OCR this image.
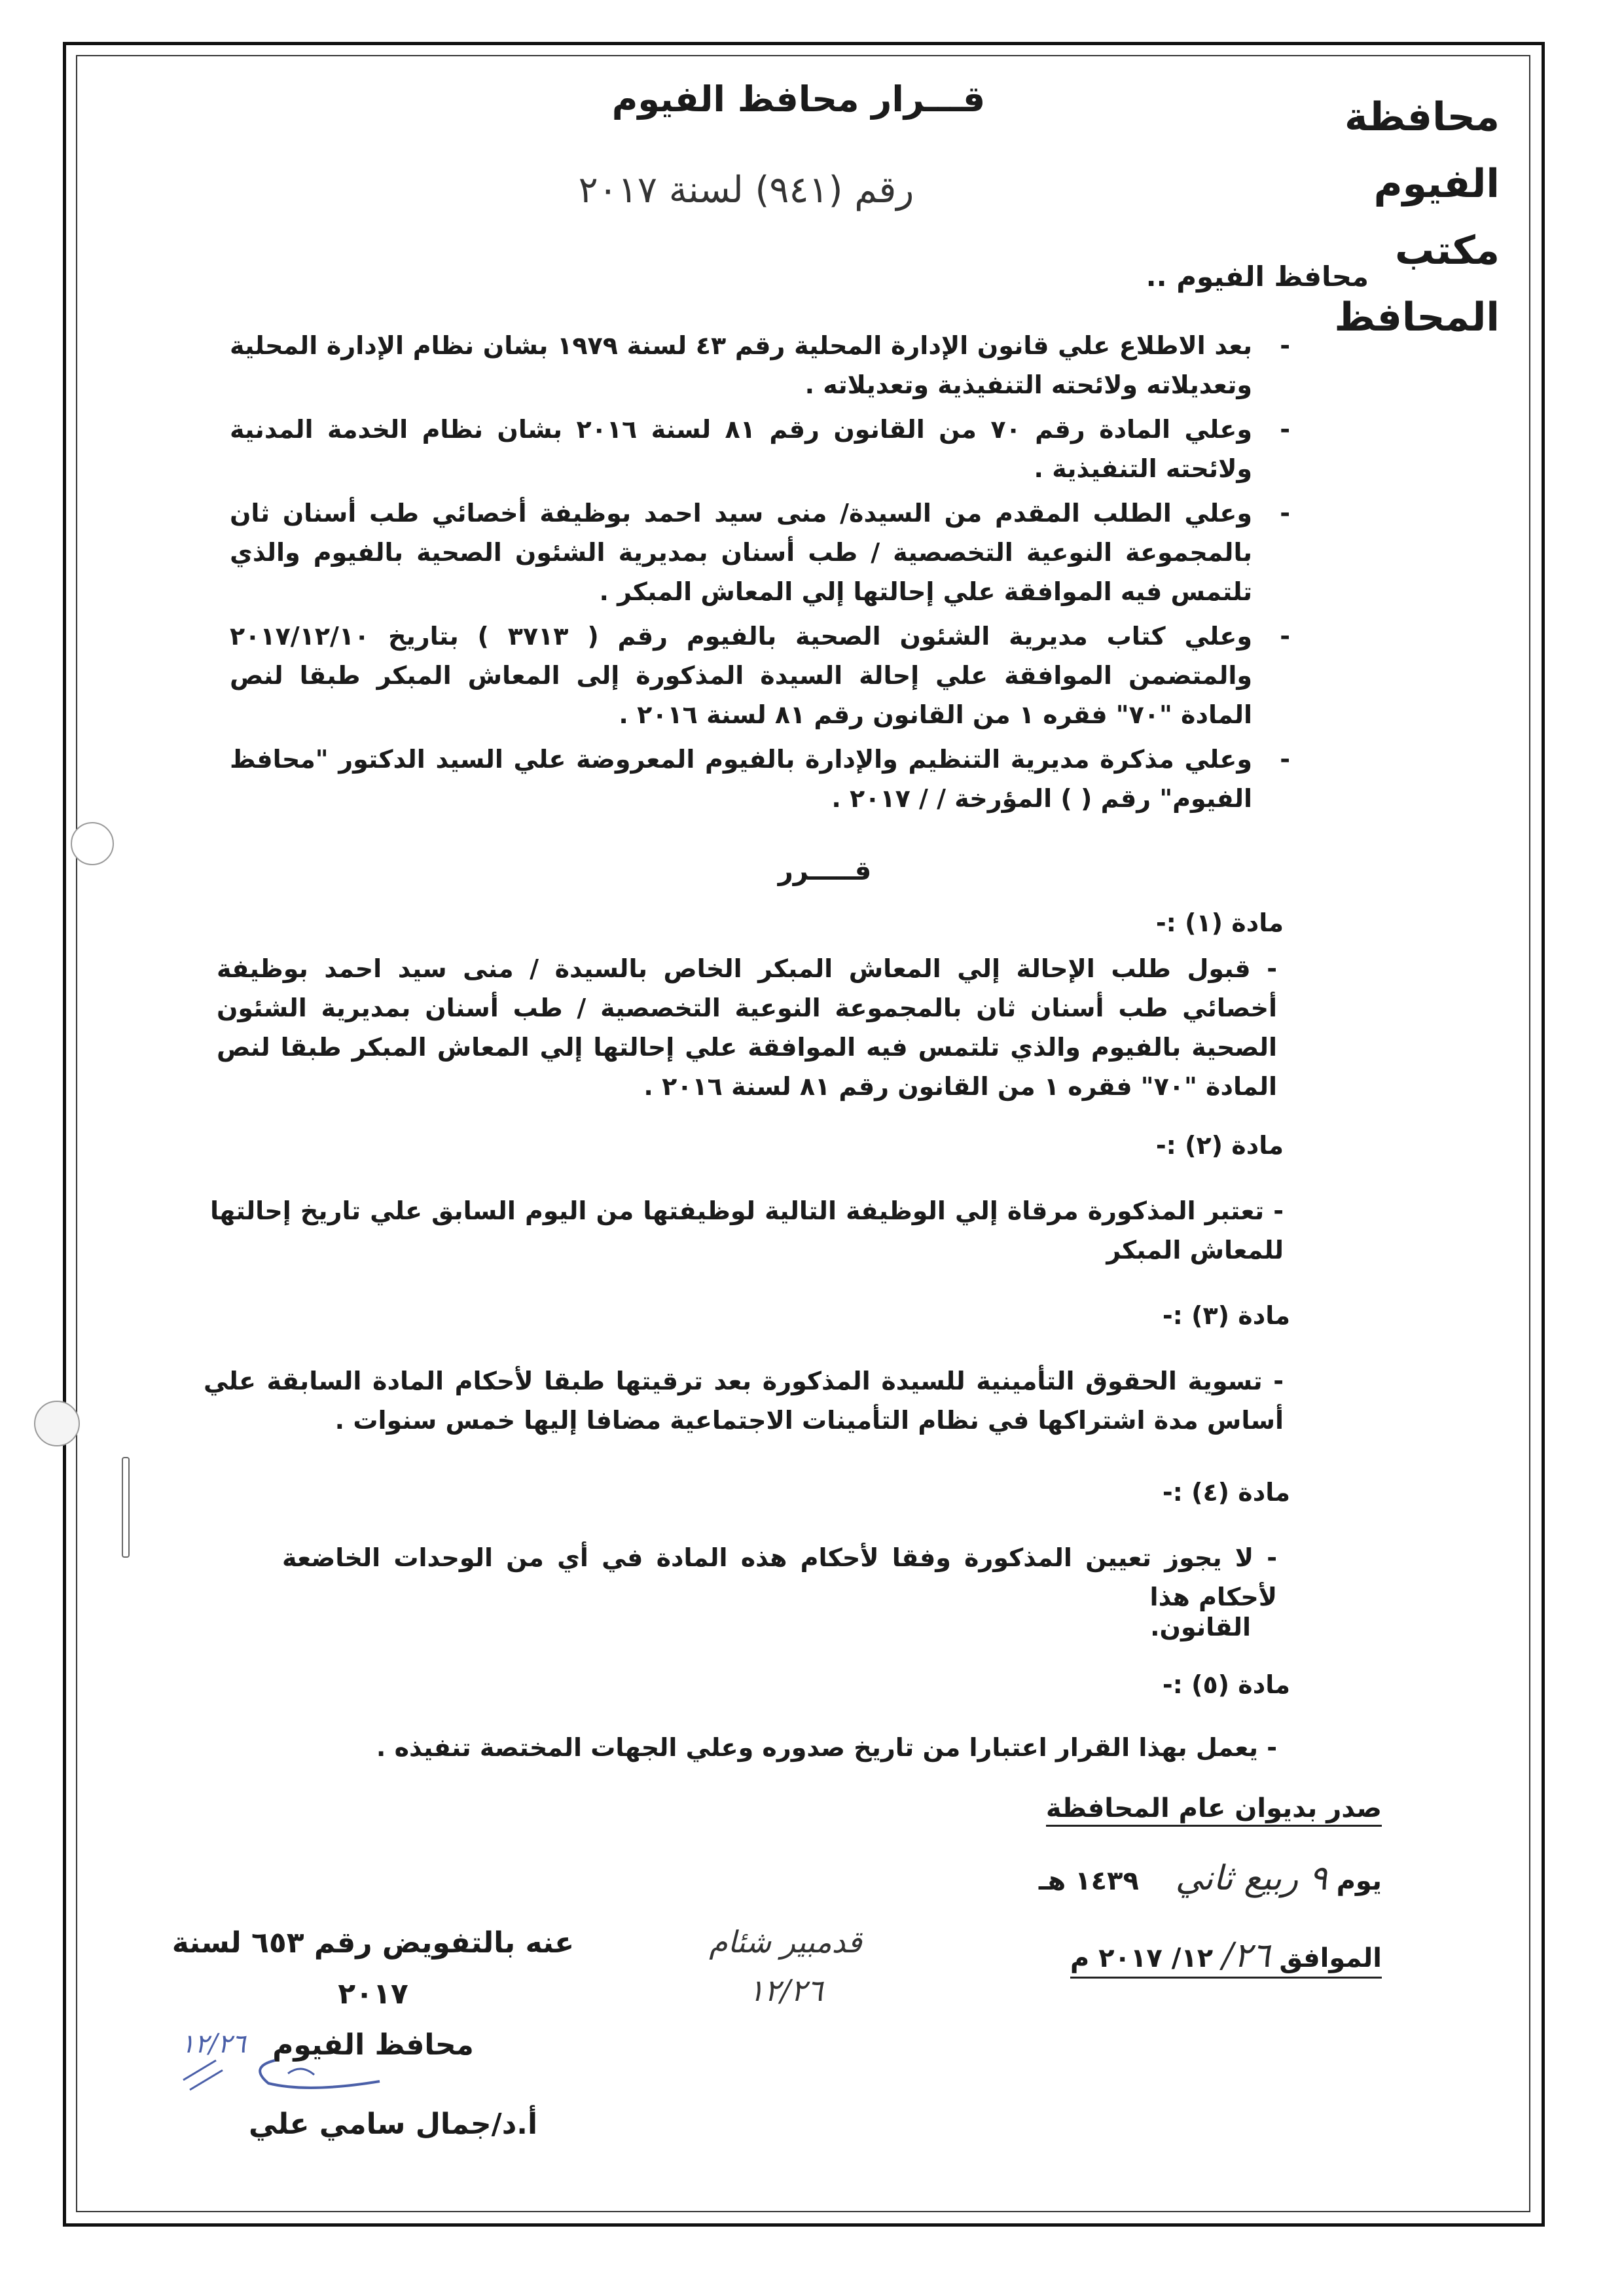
محافظة الفيوم
مكتب المحافظ
قـــرار محافظ الفيوم
رقم (٩٤١) لسنة ٢٠١٧
محافظ الفيوم ..
- بعد الاطلاع علي قانون الإدارة المحلية رقم ٤٣ لسنة ١٩٧٩ بشان نظام الإدارة المحلية وتعديلاته ولائحته التنفيذية وتعديلاته .
- وعلي المادة رقم ٧٠ من القانون رقم ٨١ لسنة ٢٠١٦ بشان نظام الخدمة المدنية ولائحته التنفيذية .
- وعلي الطلب المقدم من السيدة/ منى سيد احمد بوظيفة أخصائي طب أسنان ثان بالمجموعة النوعية التخصصية / طب أسنان بمديرية الشئون الصحية بالفيوم والذي تلتمس فيه الموافقة علي إحالتها إلي المعاش المبكر .
- وعلي كتاب مديرية الشئون الصحية بالفيوم رقم ( ٣٧١٣ ) بتاريخ ٢٠١٧/١٢/١٠ والمتضمن الموافقة علي إحالة السيدة المذكورة إلى المعاش المبكر طبقا لنص المادة "٧٠" فقره ١ من القانون رقم ٨١ لسنة ٢٠١٦ .
- وعلي مذكرة مديرية التنظيم والإدارة بالفيوم المعروضة علي السيد الدكتور "محافظ الفيوم" رقم ( ) المؤرخة / / ٢٠١٧ .
قـــــرر
مادة (١) :-
- قبول طلب الإحالة إلي المعاش المبكر الخاص بالسيدة / منى سيد احمد بوظيفة أخصائي طب أسنان ثان بالمجموعة النوعية التخصصية / طب أسنان بمديرية الشئون الصحية بالفيوم والذي تلتمس فيه الموافقة علي إحالتها إلي المعاش المبكر طبقا لنص المادة "٧٠" فقره ١ من القانون رقم ٨١ لسنة ٢٠١٦ .
مادة (٢) :-
- تعتبر المذكورة مرقاة إلي الوظيفة التالية لوظيفتها من اليوم السابق علي تاريخ إحالتها للمعاش المبكر
مادة (٣) :-
- تسوية الحقوق التأمينية للسيدة المذكورة بعد ترقيتها طبقا لأحكام المادة السابقة علي أساس مدة اشتراكها في نظام التأمينات الاجتماعية مضافا إليها خمس سنوات .
مادة (٤) :-
- لا يجوز تعيين المذكورة وفقا لأحكام هذه المادة في أي من الوحدات الخاضعة لأحكام هذا
القانون.
مادة (٥) :-
- يعمل بهذا القرار اعتبارا من تاريخ صدوره وعلي الجهات المختصة تنفيذه .
صدر بديوان عام المحافظة
يوم ٩ ربيع ثاني    ١٤٣٩ هـ
الموافق ٢٦/ ١٢/ ٢٠١٧ م
قدمبير شئام
١٢/٢٦
عنه بالتفويض رقم ٦٥٣ لسنة ٢٠١٧
محافظ الفيوم
١٢/٢٦
أ.د/جمال سامي علي
